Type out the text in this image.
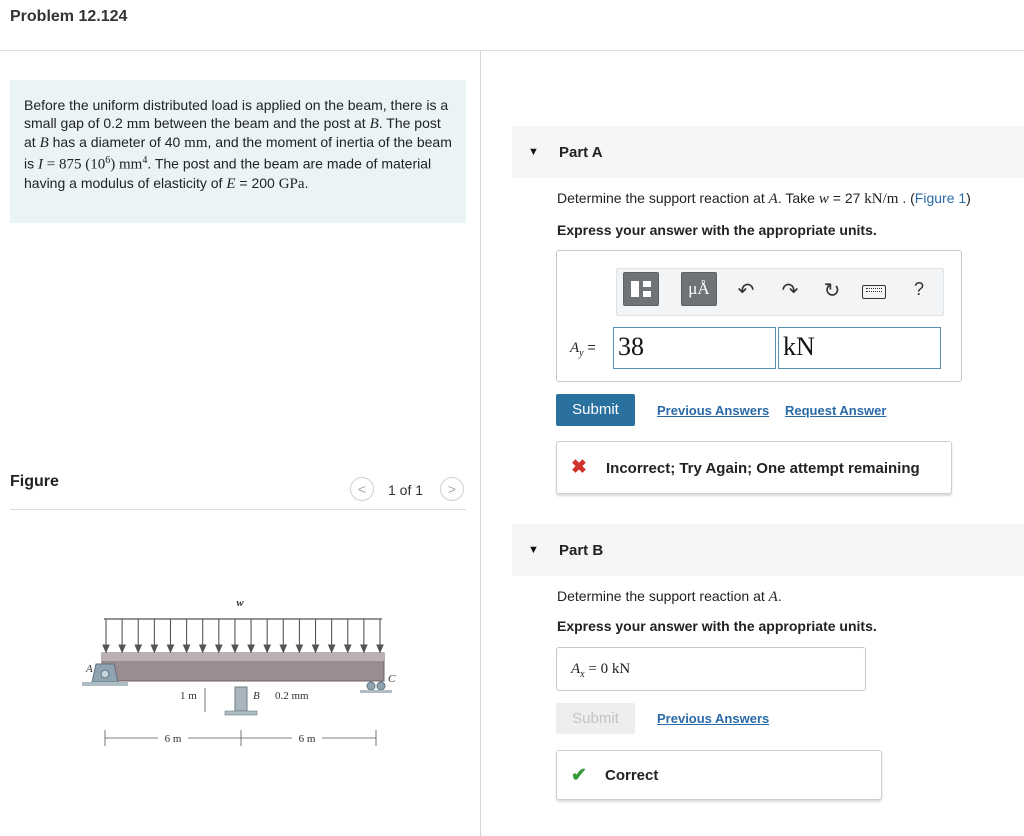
Problem 12.124
Before the uniform distributed load is applied on the beam, there is a small gap of 0.2 mm between the beam and the post at B. The post at B has a diameter of 40 mm, and the moment of inertia of the beam is I = 875 $(10^6)$ $mm^4$. The post and the beam are made of material having a modulus of elasticity of E = 200 GPa.
Figure	<	1 of 1	>
w
A
C
B 0.2 mm
1 m
6 m	6 m
▼ Part A
Determine the support reaction at A. Take w = 27 kN/m . (Figure 1)
Express your answer with the appropriate units.
μÅ	↶ ↷ ↻	?
$A_y = 38$	kN
Submit	Previous Answers Request Answer
✖ Incorrect; Try Again; One attempt remaining
▼ Part B
Determine the support reaction at A.
Express your answer with the appropriate units.
$A_x = 0$ kN
Submit	Previous Answers
✔ Correct
